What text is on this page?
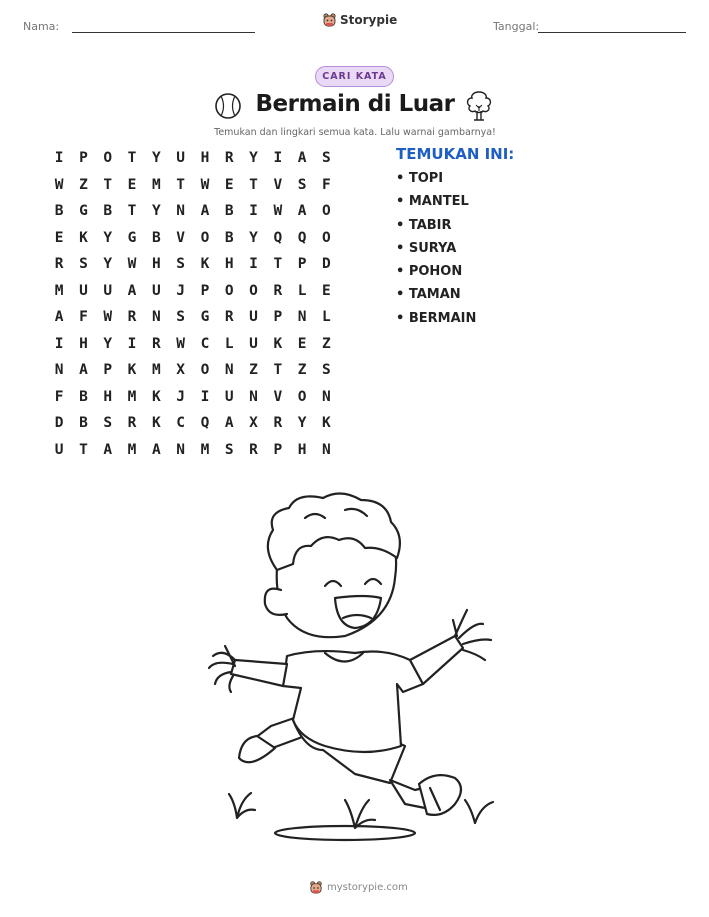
Nama:	Storypie	Tanggal:
CARI KATA
Bermain di Luar
Temukan dan lingkari semua kata. Lalu warnai gambarnya!
I	P	O	T	Y	U	H	R	Y	I	A	S
W	Z	T	E	M	T	W	E	T	V	S	F
B	G	B	T	Y	N	A	B	I	W	A	O
E	K	Y	G	B	V	O	B	Y	Q	Q	O
R	S	Y	W	H	S	K	H	I	T	P	D
M	U	U	A	U	J	P	O	O	R	L	E
A	F	W	R	N	S	G	R	U	P	N	L
I	H	Y	I	R	W	C	L	U	K	E	Z
N	A	P	K	M	X	O	N	Z	T	Z	S
F	B	H	M	K	J	I	U	N	V	O	N
D	B	S	R	K	C	Q	A	X	R	Y	K
U	T	A	M	A	N	M	S	R	P	H	N
TEMUKAN INI:
• TOPI
• MANTEL
• TABIR
• SURYA
• POHON
• TAMAN
• BERMAIN
mystorypie.com
